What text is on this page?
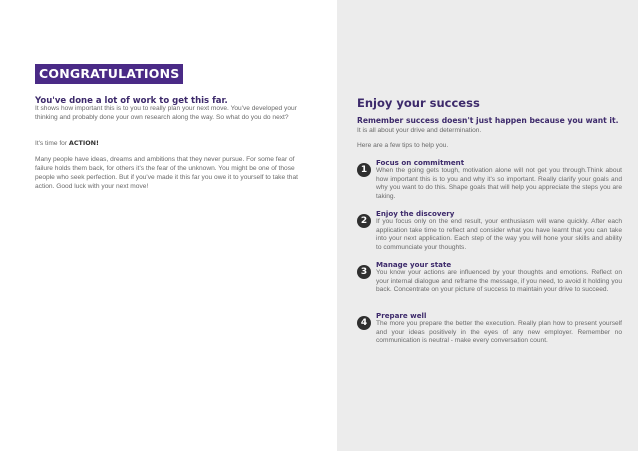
CONGRATULATIONS
You've done a lot of work to get this far.
It shows how important this is to you to really plan your next move. You've developed your thinking and probably done your own research along the way. So what do you do next?
It's time for ACTION!
Many people have ideas, dreams and ambitions that they never pursue. For some fear of failure holds them back, for others it's the fear of the unknown. You might be one of those people who seek perfection. But if you've made it this far you owe it to yourself to take that action. Good luck with your next move!
Enjoy your success
Remember success doesn't just happen because you want it.
It is all about your drive and determination.
Here are a few tips to help you.
1
Focus on commitment
When the going gets tough, motivation alone will not get you through.Think about how important this is to you and why it's so important. Really clarify your goals and why you want to do this. Shape goals that will help you appreciate the steps you are taking.
2
Enjoy the discovery
If you focus only on the end result, your enthusiasm will wane quickly. After each application take time to reflect and consider what you have learnt that you can take into your next application. Each step of the way you will hone your skills and ability to communciate your thoughts.
3
Manage your state
You know your actions are influenced by your thoughts and emotions. Reflect on your internal dialogue and reframe the message, if you need, to avoid it holding you back. Concentrate on your picture of success to maintain your drive to succeed.
4
Prepare well
The more you prepare the better the execution. Really plan how to present yourself and your ideas positively in the eyes of any new employer. Remember no communication is neutral - make every conversation count.
